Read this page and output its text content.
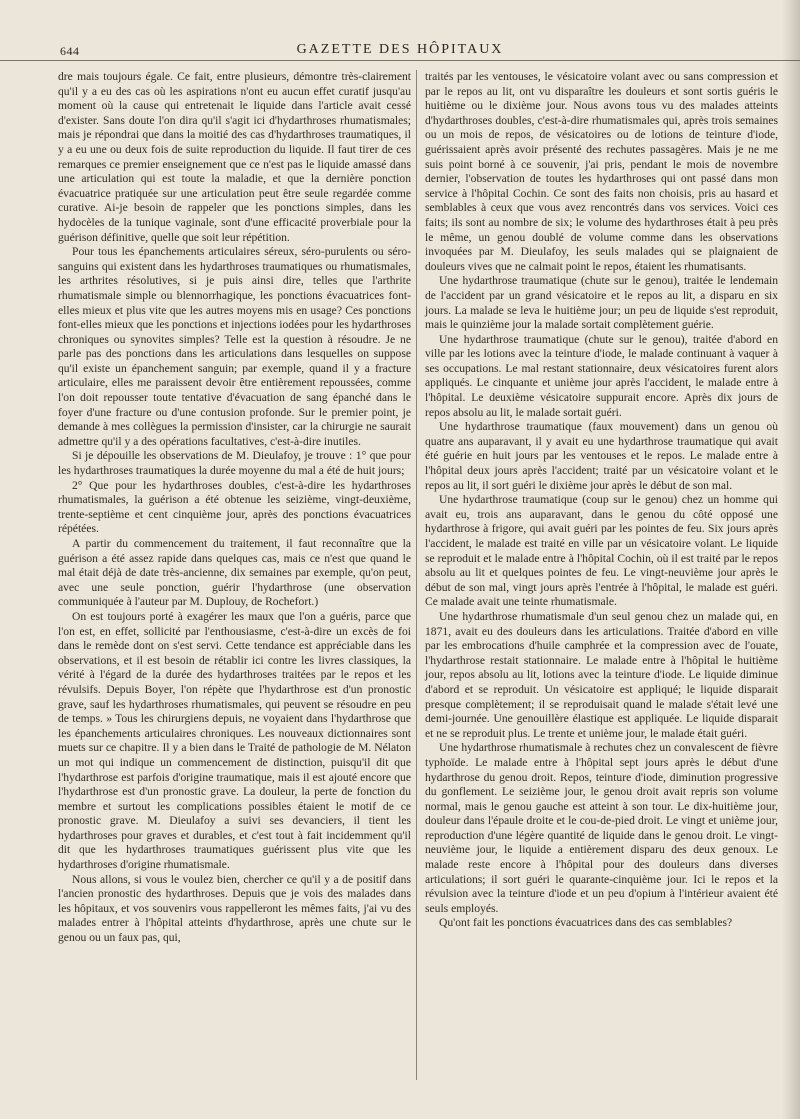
644	GAZETTE DES HÔPITAUX

dre mais toujours égale. Ce fait, entre plusieurs, démontre très-clairement qu'il y a eu des cas où les aspirations n'ont eu aucun effet curatif jusqu'au moment où la cause qui entretenait le liquide dans l'article avait cessé d'exister. Sans doute l'on dira qu'il s'agit ici d'hydarthroses rhumatismales; mais je répondrai que dans la moitié des cas d'hydarthroses traumatiques, il y a eu une ou deux fois de suite reproduction du liquide. Il faut tirer de ces remarques ce premier enseignement que ce n'est pas le liquide amassé dans une articulation qui est toute la maladie, et que la dernière ponction évacuatrice pratiquée sur une articulation peut être seule regardée comme curative. Ai-je besoin de rappeler que les ponctions simples, dans les hydocèles de la tunique vaginale, sont d'une efficacité proverbiale pour la guérison définitive, quelle que soit leur répétition.

Pour tous les épanchements articulaires séreux, séro-purulents ou séro-sanguins qui existent dans les hydarthroses traumatiques ou rhumatismales, les arthrites résolutives, si je puis ainsi dire, telles que l'arthrite rhumatismale simple ou blennorrhagique, les ponctions évacuatrices font-elles mieux et plus vite que les autres moyens mis en usage? Ces ponctions font-elles mieux que les ponctions et injections iodées pour les hydarthroses chroniques ou synovites simples? Telle est la question à résoudre. Je ne parle pas des ponctions dans les articulations dans lesquelles on suppose qu'il existe un épanchement sanguin; par exemple, quand il y a fracture articulaire, elles me paraissent devoir être entièrement repoussées, comme l'on doit repousser toute tentative d'évacuation de sang épanché dans le foyer d'une fracture ou d'une contusion profonde. Sur le premier point, je demande à mes collègues la permission d'insister, car la chirurgie ne saurait admettre qu'il y a des opérations facultatives, c'est-à-dire inutiles.

Si je dépouille les observations de M. Dieulafoy, je trouve : 1° que pour les hydarthroses traumatiques la durée moyenne du mal a été de huit jours;

2° Que pour les hydarthroses doubles, c'est-à-dire les hydarthroses rhumatismales, la guérison a été obtenue les seizième, vingt-deuxième, trente-septième et cent cinquième jour, après des ponctions évacuatrices répétées.

A partir du commencement du traitement, il faut reconnaître que la guérison a été assez rapide dans quelques cas, mais ce n'est que quand le mal était déjà de date très-ancienne, dix semaines par exemple, qu'on peut, avec une seule ponction, guérir l'hydarthrose (une observation communiquée à l'auteur par M. Duplouy, de Rochefort.)

On est toujours porté à exagérer les maux que l'on a guéris, parce que l'on est, en effet, sollicité par l'enthousiasme, c'est-à-dire un excès de foi dans le remède dont on s'est servi. Cette tendance est appréciable dans les observations, et il est besoin de rétablir ici contre les livres classiques, la vérité à l'égard de la durée des hydarthroses traitées par le repos et les révulsifs. Depuis Boyer, l'on répète que l'hydarthrose est d'un pronostic grave, sauf les hydarthroses rhumatismales, qui peuvent se résoudre en peu de temps. » Tous les chirurgiens depuis, ne voyaient dans l'hydarthrose que les épanchements articulaires chroniques. Les nouveaux dictionnaires sont muets sur ce chapitre. Il y a bien dans le Traité de pathologie de M. Nélaton un mot qui indique un commencement de distinction, puisqu'il dit que l'hydarthrose est parfois d'origine traumatique, mais il est ajouté encore que l'hydarthrose est d'un pronostic grave. La douleur, la perte de fonction du membre et surtout les complications possibles étaient le motif de ce pronostic grave. M. Dieulafoy a suivi ses devanciers, il tient les hydarthroses pour graves et durables, et c'est tout à fait incidemment qu'il dit que les hydarthroses traumatiques guérissent plus vite que les hydarthroses d'origine rhumatismale.

Nous allons, si vous le voulez bien, chercher ce qu'il y a de positif dans l'ancien pronostic des hydarthroses. Depuis que je vois des malades dans les hôpitaux, et vos souvenirs vous rappelleront les mêmes faits, j'ai vu des malades entrer à l'hôpital atteints d'hydarthrose, après une chute sur le genou ou un faux pas, qui,

traités par les ventouses, le vésicatoire volant avec ou sans compression et par le repos au lit, ont vu disparaître les douleurs et sont sortis guéris le huitième ou le dixième jour. Nous avons tous vu des malades atteints d'hydarthroses doubles, c'est-à-dire rhumatismales qui, après trois semaines ou un mois de repos, de vésicatoires ou de lotions de teinture d'iode, guérissaient après avoir présenté des rechutes passagères. Mais je ne me suis point borné à ce souvenir, j'ai pris, pendant le mois de novembre dernier, l'observation de toutes les hydarthroses qui ont passé dans mon service à l'hôpital Cochin. Ce sont des faits non choisis, pris au hasard et semblables à ceux que vous avez rencontrés dans vos services. Voici ces faits; ils sont au nombre de six; le volume des hydarthroses était à peu près le même, un genou doublé de volume comme dans les observations invoquées par M. Dieulafoy, les seuls malades qui se plaignaient de douleurs vives que ne calmait point le repos, étaient les rhumatisants.

Une hydarthrose traumatique (chute sur le genou), traitée le lendemain de l'accident par un grand vésicatoire et le repos au lit, a disparu en six jours. La malade se leva le huitième jour; un peu de liquide s'est reproduit, mais le quinzième jour la malade sortait complètement guérie.

Une hydarthrose traumatique (chute sur le genou), traitée d'abord en ville par les lotions avec la teinture d'iode, le malade continuant à vaquer à ses occupations. Le mal restant stationnaire, deux vésicatoires furent alors appliqués. Le cinquante et unième jour après l'accident, le malade entre à l'hôpital. Le deuxième vésicatoire suppurait encore. Après dix jours de repos absolu au lit, le malade sortait guéri.

Une hydarthrose traumatique (faux mouvement) dans un genou où quatre ans auparavant, il y avait eu une hydarthrose traumatique qui avait été guérie en huit jours par les ventouses et le repos. Le malade entre à l'hôpital deux jours après l'accident; traité par un vésicatoire volant et le repos au lit, il sort guéri le dixième jour après le début de son mal.

Une hydarthrose traumatique (coup sur le genou) chez un homme qui avait eu, trois ans auparavant, dans le genou du côté opposé une hydarthrose à frigore, qui avait guéri par les pointes de feu. Six jours après l'accident, le malade est traité en ville par un vésicatoire volant. Le liquide se reproduit et le malade entre à l'hôpital Cochin, où il est traité par le repos absolu au lit et quelques pointes de feu. Le vingt-neuvième jour après le début de son mal, vingt jours après l'entrée à l'hôpital, le malade est guéri. Ce malade avait une teinte rhumatismale.

Une hydarthrose rhumatismale d'un seul genou chez un malade qui, en 1871, avait eu des douleurs dans les articulations. Traitée d'abord en ville par les embrocations d'huile camphrée et la compression avec de l'ouate, l'hydarthrose restait stationnaire. Le malade entre à l'hôpital le huitième jour, repos absolu au lit, lotions avec la teinture d'iode. Le liquide diminue d'abord et se reproduit. Un vésicatoire est appliqué; le liquide disparait presque complètement; il se reproduisait quand le malade s'était levé une demi-journée. Une genouillère élastique est appliquée. Le liquide disparait et ne se reproduit plus. Le trente et unième jour, le malade était guéri.

Une hydarthrose rhumatismale à rechutes chez un convalescent de fièvre typhoïde. Le malade entre à l'hôpital sept jours après le début d'une hydarthrose du genou droit. Repos, teinture d'iode, diminution progressive du gonflement. Le seizième jour, le genou droit avait repris son volume normal, mais le genou gauche est atteint à son tour. Le dix-huitième jour, douleur dans l'épaule droite et le cou-de-pied droit. Le vingt et unième jour, reproduction d'une légère quantité de liquide dans le genou droit. Le vingt-neuvième jour, le liquide a entièrement disparu des deux genoux. Le malade reste encore à l'hôpital pour des douleurs dans diverses articulations; il sort guéri le quarante-cinquième jour. Ici le repos et la révulsion avec la teinture d'iode et un peu d'opium à l'intérieur avaient été seuls employés.

Qu'ont fait les ponctions évacuatrices dans des cas semblables?
